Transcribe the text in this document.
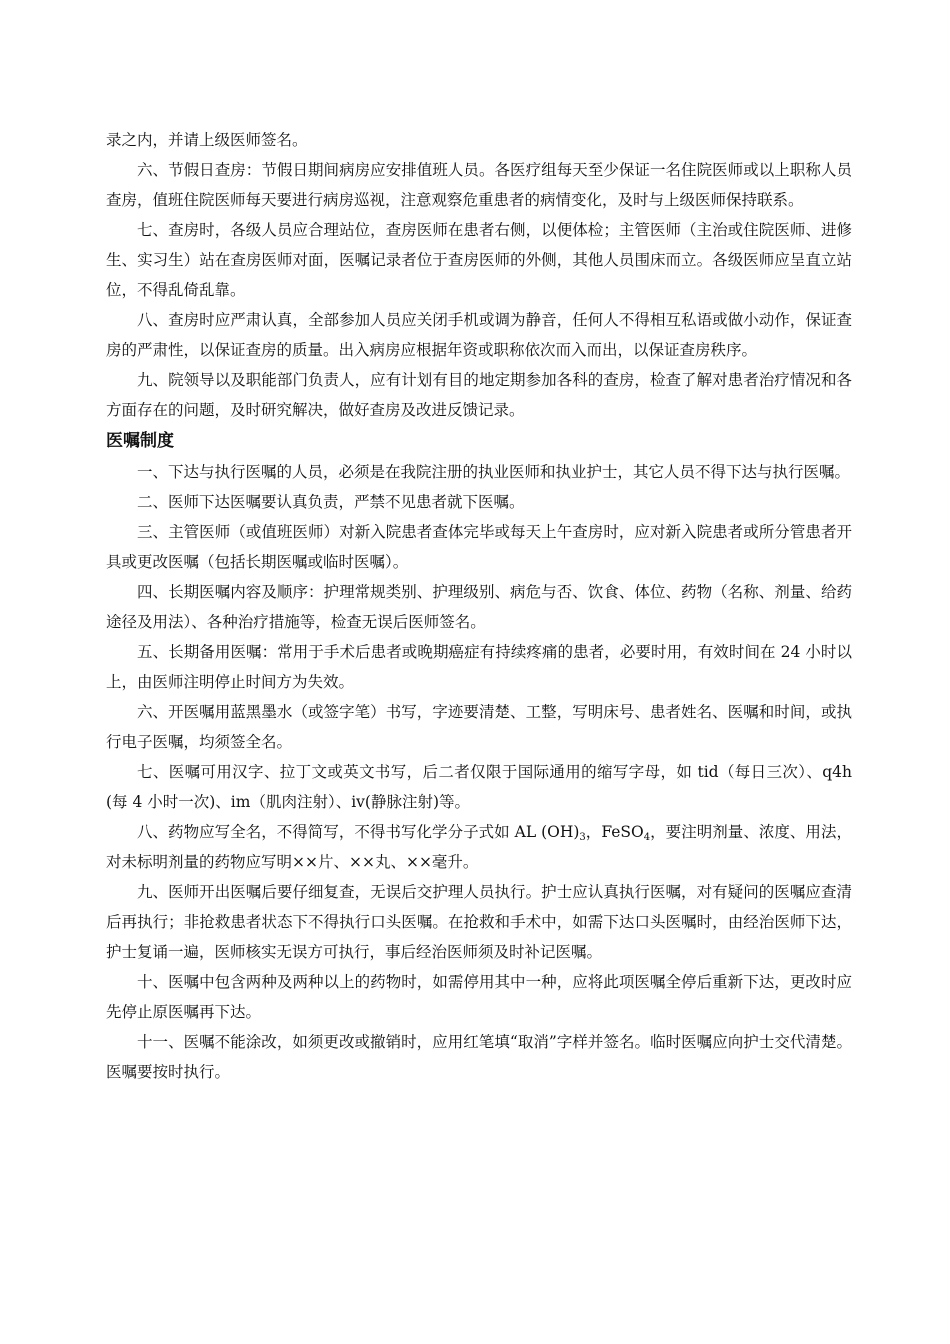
录之内，并请上级医师签名。

六、节假日查房：节假日期间病房应安排值班人员。各医疗组每天至少保证一名住院医师或以上职称人员查房，值班住院医师每天要进行病房巡视，注意观察危重患者的病情变化，及时与上级医师保持联系。

七、查房时，各级人员应合理站位，查房医师在患者右侧，以便体检；主管医师（主治或住院医师、进修生、实习生）站在查房医师对面，医嘱记录者位于查房医师的外侧，其他人员围床而立。各级医师应呈直立站位，不得乱倚乱靠。

八、查房时应严肃认真，全部参加人员应关闭手机或调为静音，任何人不得相互私语或做小动作，保证查房的严肃性，以保证查房的质量。出入病房应根据年资或职称依次而入而出，以保证查房秩序。

九、院领导以及职能部门负责人，应有计划有目的地定期参加各科的查房，检查了解对患者治疗情况和各方面存在的问题，及时研究解决，做好查房及改进反馈记录。

医嘱制度

一、下达与执行医嘱的人员，必须是在我院注册的执业医师和执业护士，其它人员不得下达与执行医嘱。

二、医师下达医嘱要认真负责，严禁不见患者就下医嘱。

三、主管医师（或值班医师）对新入院患者查体完毕或每天上午查房时，应对新入院患者或所分管患者开具或更改医嘱（包括长期医嘱或临时医嘱）。

四、长期医嘱内容及顺序：护理常规类别、护理级别、病危与否、饮食、体位、药物（名称、剂量、给药途径及用法）、各种治疗措施等，检查无误后医师签名。

五、长期备用医嘱：常用于手术后患者或晚期癌症有持续疼痛的患者，必要时用，有效时间在 24 小时以上，由医师注明停止时间方为失效。

六、开医嘱用蓝黑墨水（或签字笔）书写，字迹要清楚、工整，写明床号、患者姓名、医嘱和时间，或执行电子医嘱，均须签全名。

七、医嘱可用汉字、拉丁文或英文书写，后二者仅限于国际通用的缩写字母，如 tid（每日三次）、q4h(每 4 小时一次)、im（肌肉注射）、iv(静脉注射)等。

八、药物应写全名，不得简写，不得书写化学分子式如 AL $(OH)_3$，FeSO$_4$，要注明剂量、浓度、用法，对未标明剂量的药物应写明××片、××丸、××毫升。

九、医师开出医嘱后要仔细复查，无误后交护理人员执行。护士应认真执行医嘱，对有疑问的医嘱应查清后再执行；非抢救患者状态下不得执行口头医嘱。在抢救和手术中，如需下达口头医嘱时，由经治医师下达，护士复诵一遍，医师核实无误方可执行，事后经治医师须及时补记医嘱。

十、医嘱中包含两种及两种以上的药物时，如需停用其中一种，应将此项医嘱全停后重新下达，更改时应先停止原医嘱再下达。

十一、医嘱不能涂改，如须更改或撤销时，应用红笔填“取消”字样并签名。临时医嘱应向护士交代清楚。医嘱要按时执行。
